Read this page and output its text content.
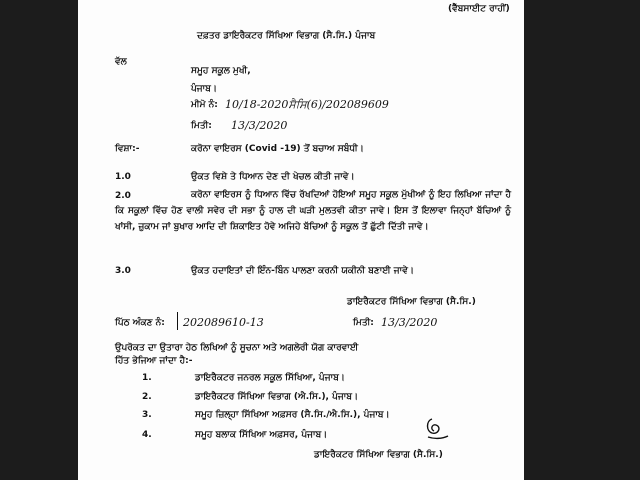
(ਵੈੱਬਸਾਈਟ ਰਾਹੀਂ)
ਦਫ਼ਤਰ ਡਾਇਰੈਕਟਰ ਸਿੱਖਿਆ ਵਿਭਾਗ (ਸੈ.ਸਿ.) ਪੰਜਾਬ
ਵੱਲ
ਸਮੂਹ ਸਕੂਲ ਮੁਖੀ,
ਪੰਜਾਬ।
ਮੀਮੋ ਨੰ: 10/18-2020ਸੈਸਿ(6)/202089609
ਮਿਤੀ: 13/3/2020
ਵਿਸ਼ਾ:-	ਕਰੋਨਾ ਵਾਇਰਸ (Covid -19) ਤੋਂ ਬਚਾਅ ਸਬੰਧੀ।
1.0	ਉਕਤ ਵਿਸ਼ੇ ਤੇ ਧਿਆਨ ਦੇਣ ਦੀ ਖੇਚਲ ਕੀਤੀ ਜਾਵੇ।
2.0	ਕਰੋਨਾ ਵਾਇਰਸ ਨੂੰ ਧਿਆਨ ਵਿੱਚ ਰੱਖਦਿਆਂ ਹੋਇਆਂ ਸਮੂਹ ਸਕੂਲ ਮੁੱਖੀਆਂ ਨੂੰ ਇਹ ਲਿਖਿਆ ਜਾਂਦਾ ਹੈ ਕਿ ਸਕੂਲਾਂ ਵਿੱਚ ਹੋਣ ਵਾਲੀ ਸਵੇਰ ਦੀ ਸਭਾ ਨੂੰ ਹਾਲ ਦੀ ਘੜੀ ਮੁਲਤਵੀ ਕੀਤਾ ਜਾਵੇ। ਇਸ ਤੋਂ ਇਲਾਵਾ ਜਿਨ੍ਹਾਂ ਬੱਚਿਆਂ ਨੂੰ ਖਾਂਸੀ, ਜ਼ੁਕਾਮ ਜਾਂ ਬੁਖਾਰ ਆਦਿ ਦੀ ਸ਼ਿਕਾਇਤ ਹੋਵੇ ਅਜਿਹੇ ਬੱਚਿਆਂ ਨੂੰ ਸਕੂਲ ਤੋਂ ਛੁੱਟੀ ਦਿੱਤੀ ਜਾਵੇ।
3.0	ਉਕਤ ਹਦਾਇਤਾਂ ਦੀ ਇੰਨ-ਬਿੰਨ ਪਾਲਣਾ ਕਰਨੀ ਯਕੀਨੀ ਬਣਾਈ ਜਾਵੇ।
ਡਾਇਰੈਕਟਰ ਸਿੱਖਿਆ ਵਿਭਾਗ (ਸੈ.ਸਿ.)
ਪਿੱਠ ਅੰਕਣ ਨੰ: 202089610-13	ਮਿਤੀ: 13/3/2020
ਉਪਰੋਕਤ ਦਾ ਉਤਾਰਾ ਹੇਠ ਲਿਖਿਆਂ ਨੂੰ ਸੂਚਨਾ ਅਤੇ ਅਗਲੇਰੀ ਯੋਗ ਕਾਰਵਾਈ
ਹਿੱਤ ਭੇਜਿਆ ਜਾਂਦਾ ਹੈ:-
1.	ਡਾਇਰੈਕਟਰ ਜਨਰਲ ਸਕੂਲ ਸਿੱਖਿਆ, ਪੰਜਾਬ।
2.	ਡਾਇਰੈਕਟਰ ਸਿੱਖਿਆ ਵਿਭਾਗ (ਐ.ਸਿ.), ਪੰਜਾਬ।
3.	ਸਮੂਹ ਜ਼ਿਲ੍ਹਾ ਸਿੱਖਿਆ ਅਫ਼ਸਰ (ਸੈ.ਸਿ./ਐ.ਸਿ.), ਪੰਜਾਬ।
4.	ਸਮੂਹ ਬਲਾਕ ਸਿੱਖਿਆ ਅਫ਼ਸਰ, ਪੰਜਾਬ।
ਡਾਇਰੈਕਟਰ ਸਿੱਖਿਆ ਵਿਭਾਗ (ਸੈ.ਸਿ.)
